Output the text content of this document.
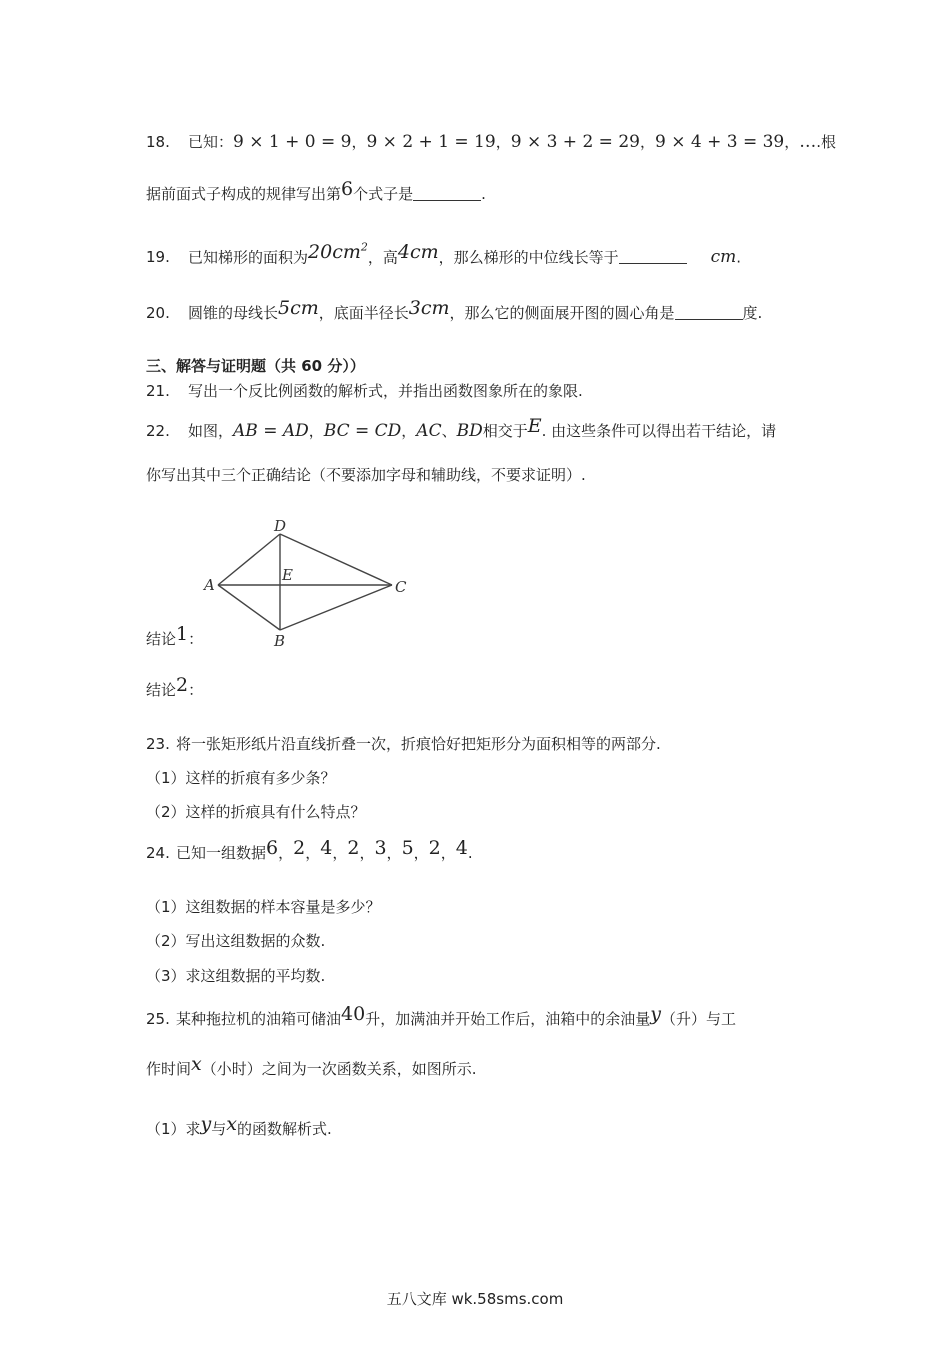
18. 已知：9 × 1 + 0 = 9，9 × 2 + 1 = 19，9 × 3 + 2 = 29，9 × 4 + 3 = 39，….根
据前面式子构成的规律写出第6个式子是	.
19. 已知梯形的面积为$20cm^2$，高4cm，那么梯形的中位线长等于	cm.
20. 圆锥的母线长5cm，底面半径长3cm，那么它的侧面展开图的圆心角是	度.
三、解答与证明题（共 60 分））
21. 写出一个反比例函数的解析式，并指出函数图象所在的象限.
22. 如图，AB = AD，BC = CD，AC、BD相交于E. 由这些条件可以得出若干结论，请
你写出其中三个正确结论（不要添加字母和辅助线，不要求证明）.
D
A
E
C
B
结论1：
结论2：
23. 将一张矩形纸片沿直线折叠一次，折痕恰好把矩形分为面积相等的两部分.
（1）这样的折痕有多少条？
（2）这样的折痕具有什么特点？
24. 已知一组数据6，2，4，2，3，5，2，4.
（1）这组数据的样本容量是多少？
（2）写出这组数据的众数.
（3）求这组数据的平均数.
25. 某种拖拉机的油箱可储油40升，加满油并开始工作后，油箱中的余油量y（升）与工
作时间x（小时）之间为一次函数关系，如图所示.
（1）求y与x的函数解析式.
五八文库 wk.58sms.com
